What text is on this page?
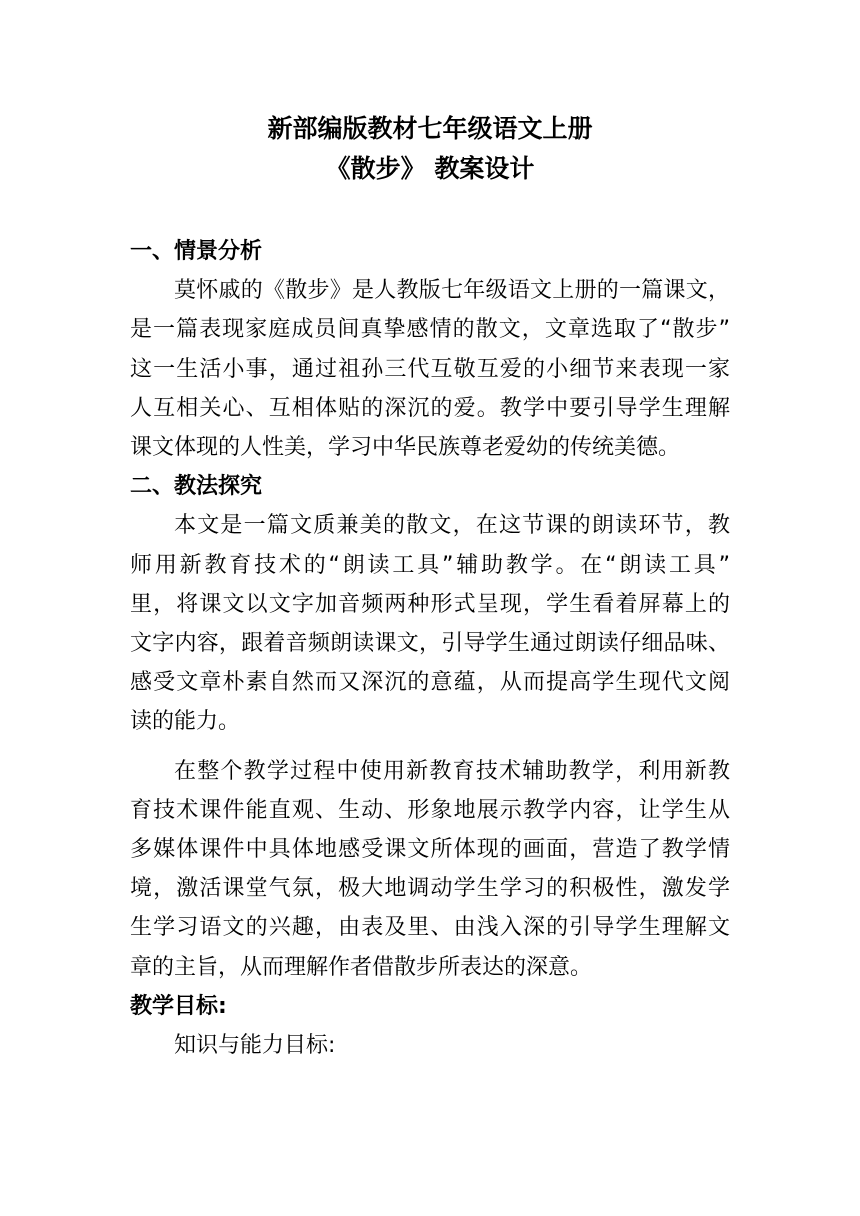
新部编版教材七年级语文上册
《散步》 教案设计
一、情景分析
莫怀戚的《散步》是人教版七年级语文上册的一篇课文，
是一篇表现家庭成员间真挚感情的散文，文章选取了“散步”
这一生活小事，通过祖孙三代互敬互爱的小细节来表现一家
人互相关心、互相体贴的深沉的爱。教学中要引导学生理解
课文体现的人性美，学习中华民族尊老爱幼的传统美德。
二、教法探究
本文是一篇文质兼美的散文，在这节课的朗读环节，教
师用新教育技术的“朗读工具”辅助教学。在“朗读工具”
里，将课文以文字加音频两种形式呈现，学生看着屏幕上的
文字内容，跟着音频朗读课文，引导学生通过朗读仔细品味、
感受文章朴素自然而又深沉的意蕴，从而提高学生现代文阅
读的能力。
在整个教学过程中使用新教育技术辅助教学，利用新教
育技术课件能直观、生动、形象地展示教学内容，让学生从
多媒体课件中具体地感受课文所体现的画面，营造了教学情
境，激活课堂气氛，极大地调动学生学习的积极性，激发学
生学习语文的兴趣，由表及里、由浅入深的引导学生理解文
章的主旨，从而理解作者借散步所表达的深意。
教学目标:
知识与能力目标:
